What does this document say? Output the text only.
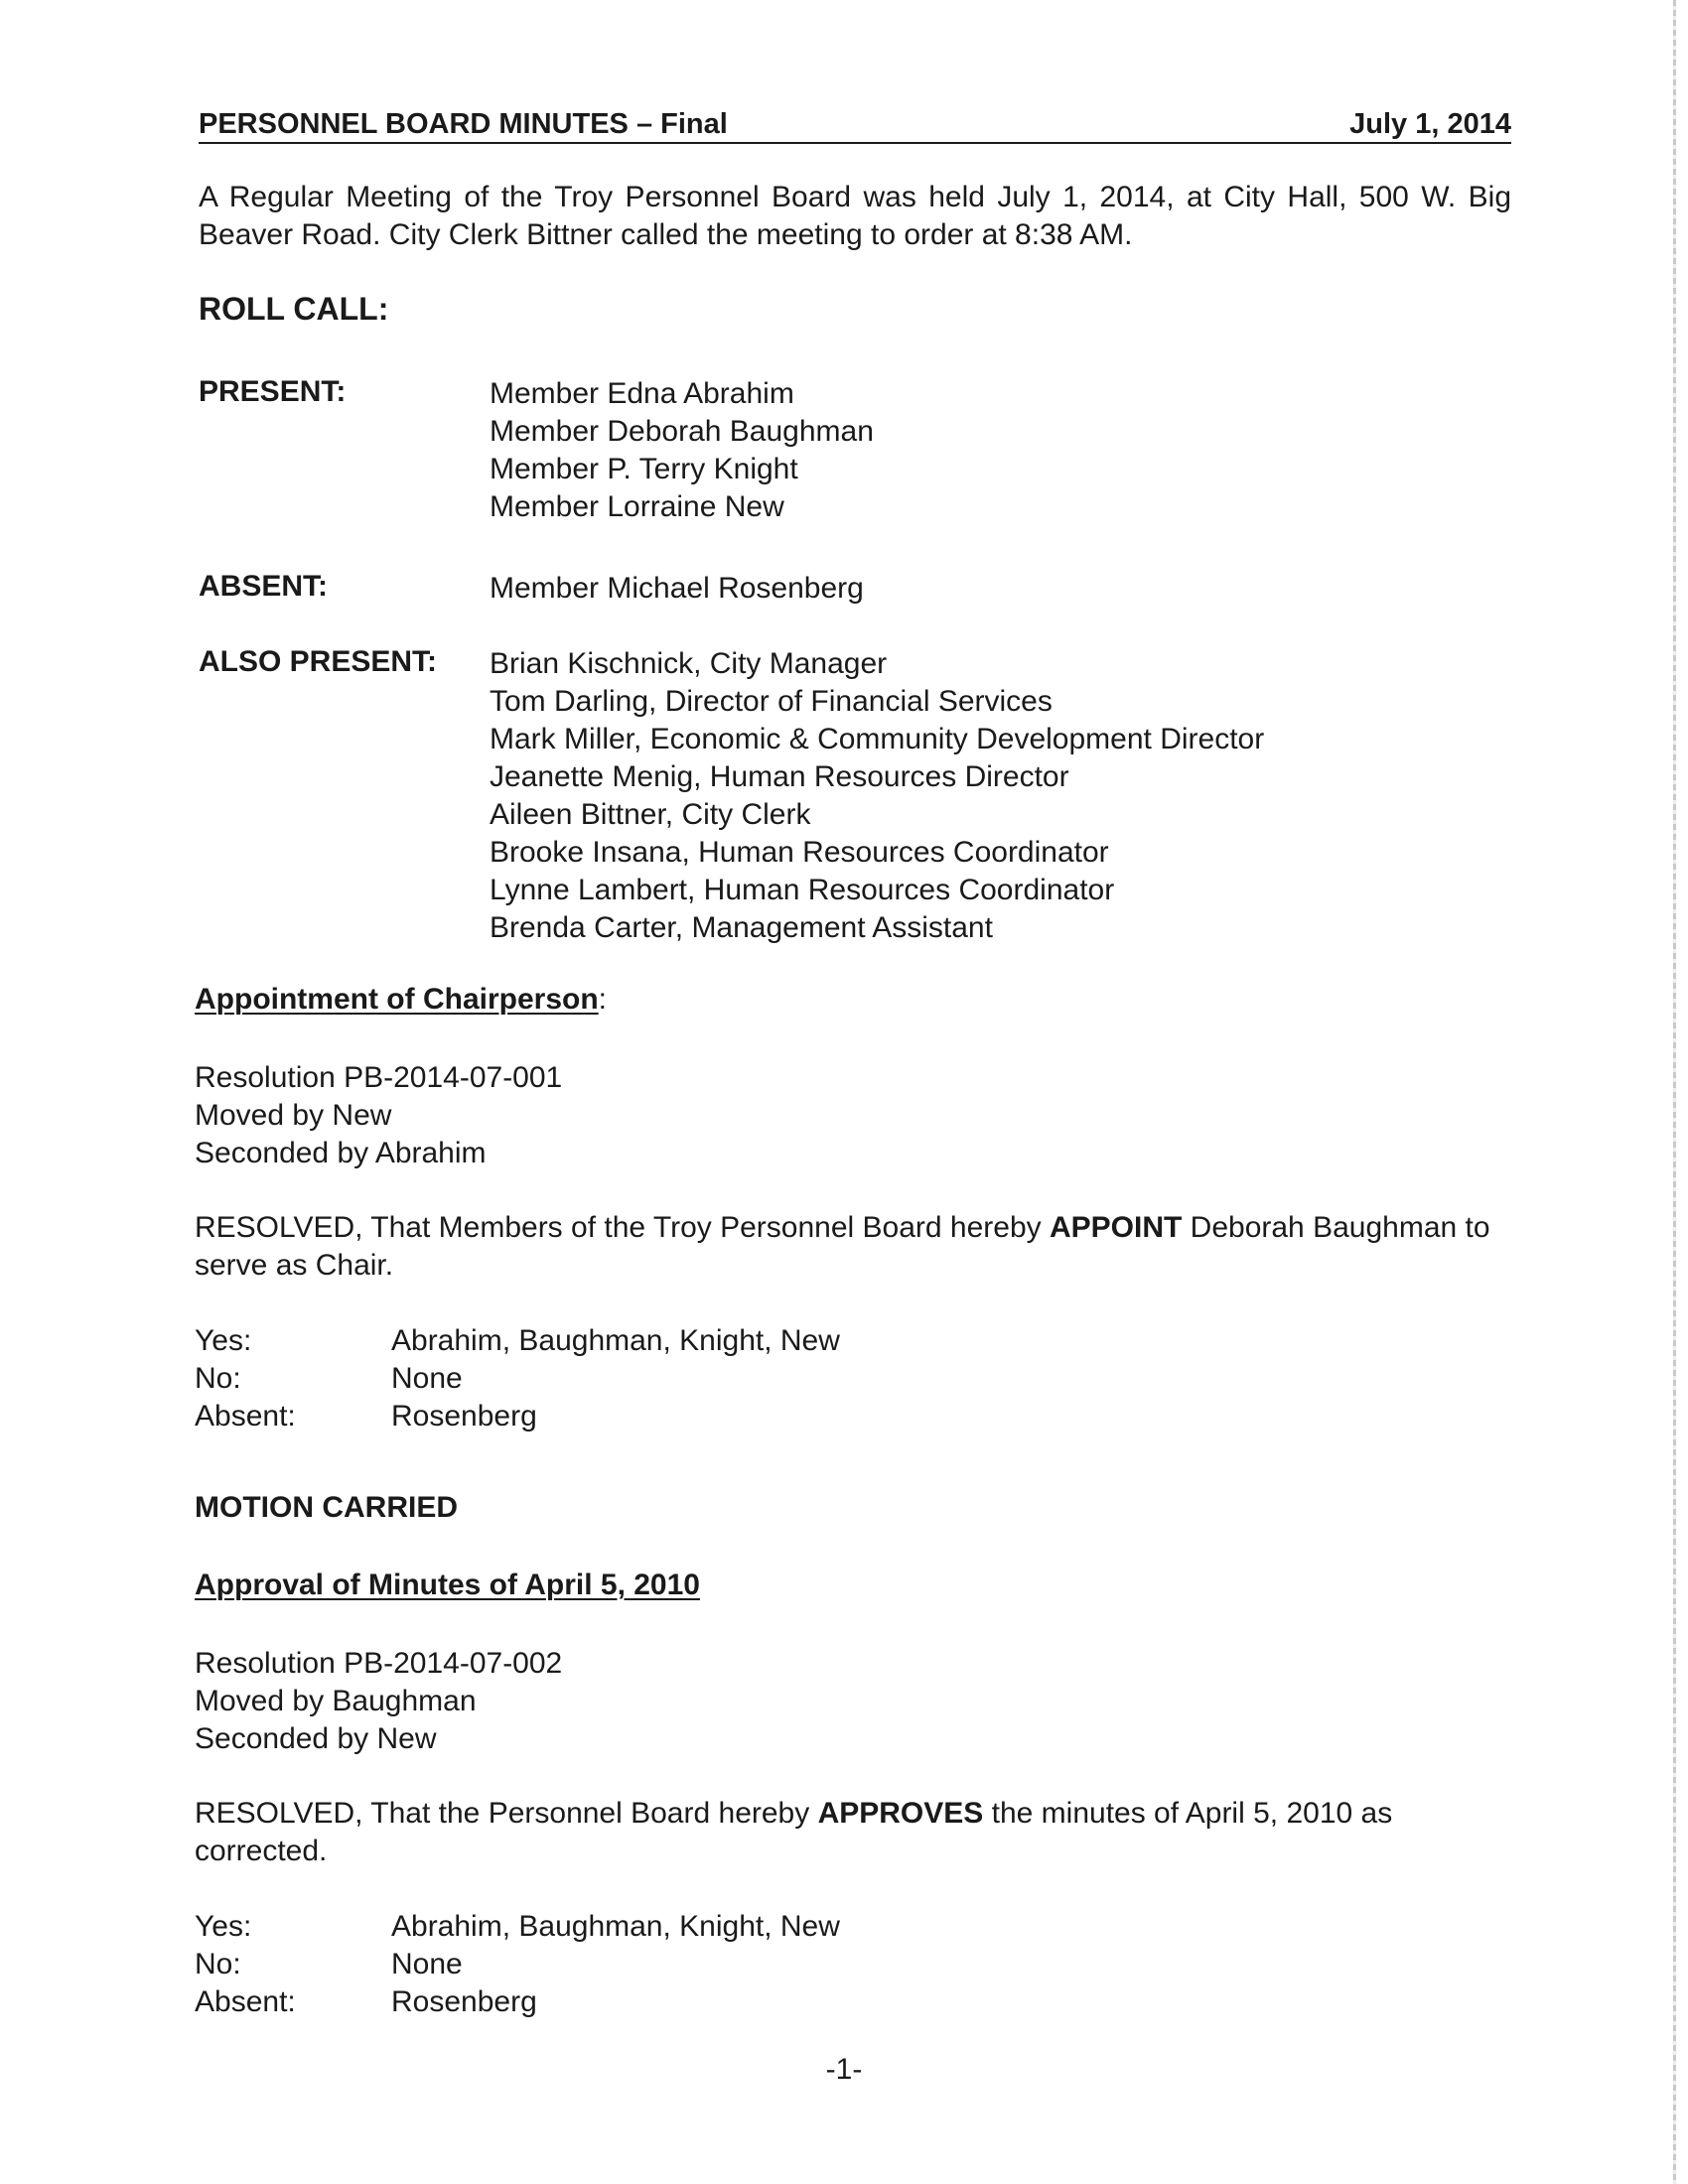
PERSONNEL BOARD MINUTES – Final	July 1, 2014
A Regular Meeting of the Troy Personnel Board was held July 1, 2014, at City Hall, 500 W. Big Beaver Road. City Clerk Bittner called the meeting to order at 8:38 AM.
ROLL CALL:
PRESENT:	Member Edna Abrahim
Member Deborah Baughman
Member P. Terry Knight
Member Lorraine New
ABSENT:	Member Michael Rosenberg
ALSO PRESENT: Brian Kischnick, City Manager
Tom Darling, Director of Financial Services
Mark Miller, Economic & Community Development Director
Jeanette Menig, Human Resources Director
Aileen Bittner, City Clerk
Brooke Insana, Human Resources Coordinator
Lynne Lambert, Human Resources Coordinator
Brenda Carter, Management Assistant
Appointment of Chairperson:
Resolution PB-2014-07-001
Moved by New
Seconded by Abrahim
RESOLVED, That Members of the Troy Personnel Board hereby APPOINT Deborah Baughman to serve as Chair.
Yes:	Abrahim, Baughman, Knight, New
No:	None
Absent:	Rosenberg
MOTION CARRIED
Approval of Minutes of April 5, 2010
Resolution PB-2014-07-002
Moved by Baughman
Seconded by New
RESOLVED, That the Personnel Board hereby APPROVES the minutes of April 5, 2010 as corrected.
Yes:	Abrahim, Baughman, Knight, New
No:	None
Absent:	Rosenberg
-1-
